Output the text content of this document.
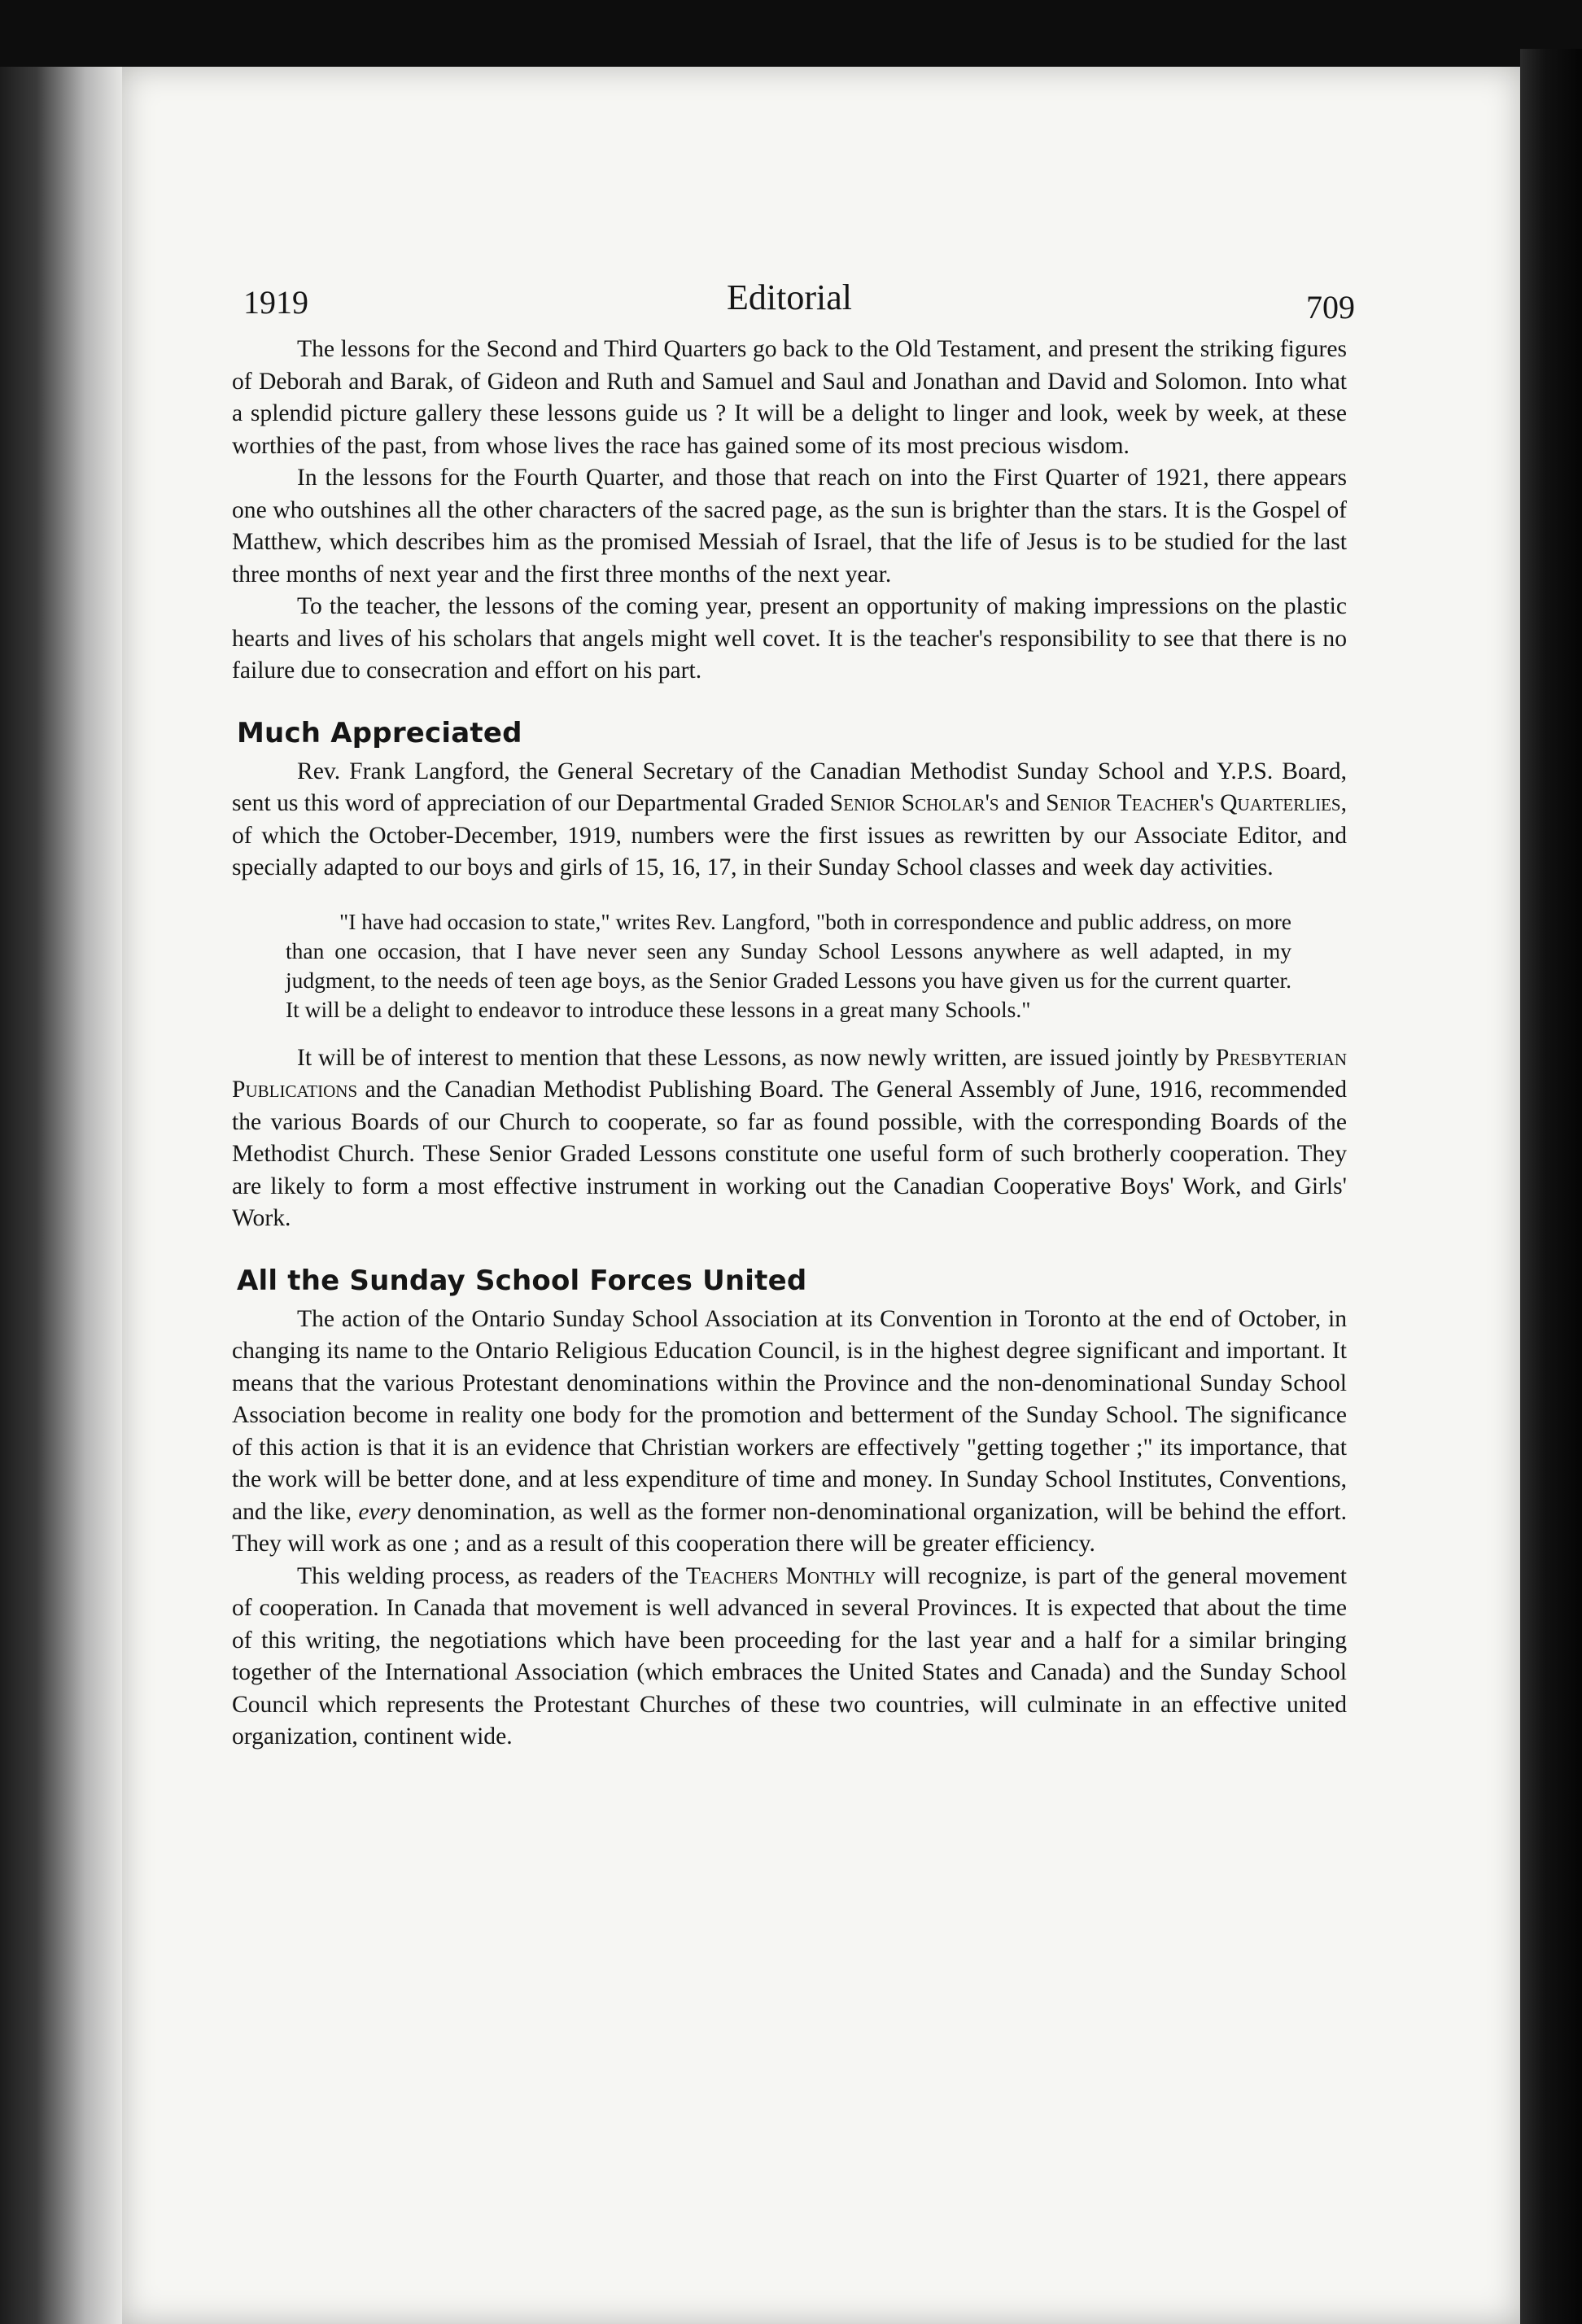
1919	Editorial	709

The lessons for the Second and Third Quarters go back to the Old Testament, and present the striking figures of Deborah and Barak, of Gideon and Ruth and Samuel and Saul and Jonathan and David and Solomon. Into what a splendid picture gallery these lessons guide us ? It will be a delight to linger and look, week by week, at these worthies of the past, from whose lives the race has gained some of its most precious wisdom.

In the lessons for the Fourth Quarter, and those that reach on into the First Quarter of 1921, there appears one who outshines all the other characters of the sacred page, as the sun is brighter than the stars. It is the Gospel of Matthew, which describes him as the promised Messiah of Israel, that the life of Jesus is to be studied for the last three months of next year and the first three months of the next year.

To the teacher, the lessons of the coming year, present an opportunity of making impressions on the plastic hearts and lives of his scholars that angels might well covet. It is the teacher's responsibility to see that there is no failure due to consecration and effort on his part.

Much Appreciated

Rev. Frank Langford, the General Secretary of the Canadian Methodist Sunday School and Y.P.S. Board, sent us this word of appreciation of our Departmental Graded Senior Scholar's and Senior Teacher's Quarterlies, of which the October-December, 1919, numbers were the first issues as rewritten by our Associate Editor, and specially adapted to our boys and girls of 15, 16, 17, in their Sunday School classes and week day activities.

"I have had occasion to state," writes Rev. Langford, "both in correspondence and public address, on more than one occasion, that I have never seen any Sunday School Lessons anywhere as well adapted, in my judgment, to the needs of teen age boys, as the Senior Graded Lessons you have given us for the current quarter. It will be a delight to endeavor to introduce these lessons in a great many Schools."

It will be of interest to mention that these Lessons, as now newly written, are issued jointly by Presbyterian Publications and the Canadian Methodist Publishing Board. The General Assembly of June, 1916, recommended the various Boards of our Church to cooperate, so far as found possible, with the corresponding Boards of the Methodist Church. These Senior Graded Lessons constitute one useful form of such brotherly cooperation. They are likely to form a most effective instrument in working out the Canadian Cooperative Boys' Work, and Girls' Work.

All the Sunday School Forces United

The action of the Ontario Sunday School Association at its Convention in Toronto at the end of October, in changing its name to the Ontario Religious Education Council, is in the highest degree significant and important. It means that the various Protestant denominations within the Province and the non-denominational Sunday School Association become in reality one body for the promotion and betterment of the Sunday School. The significance of this action is that it is an evidence that Christian workers are effectively "getting together ;" its importance, that the work will be better done, and at less expenditure of time and money. In Sunday School Institutes, Conventions, and the like, every denomination, as well as the former non-denominational organization, will be behind the effort. They will work as one ; and as a result of this cooperation there will be greater efficiency.

This welding process, as readers of the Teachers Monthly will recognize, is part of the general movement of cooperation. In Canada that movement is well advanced in several Provinces. It is expected that about the time of this writing, the negotiations which have been proceeding for the last year and a half for a similar bringing together of the International Association (which embraces the United States and Canada) and the Sunday School Council which represents the Protestant Churches of these two countries, will culminate in an effective united organization, continent wide.
